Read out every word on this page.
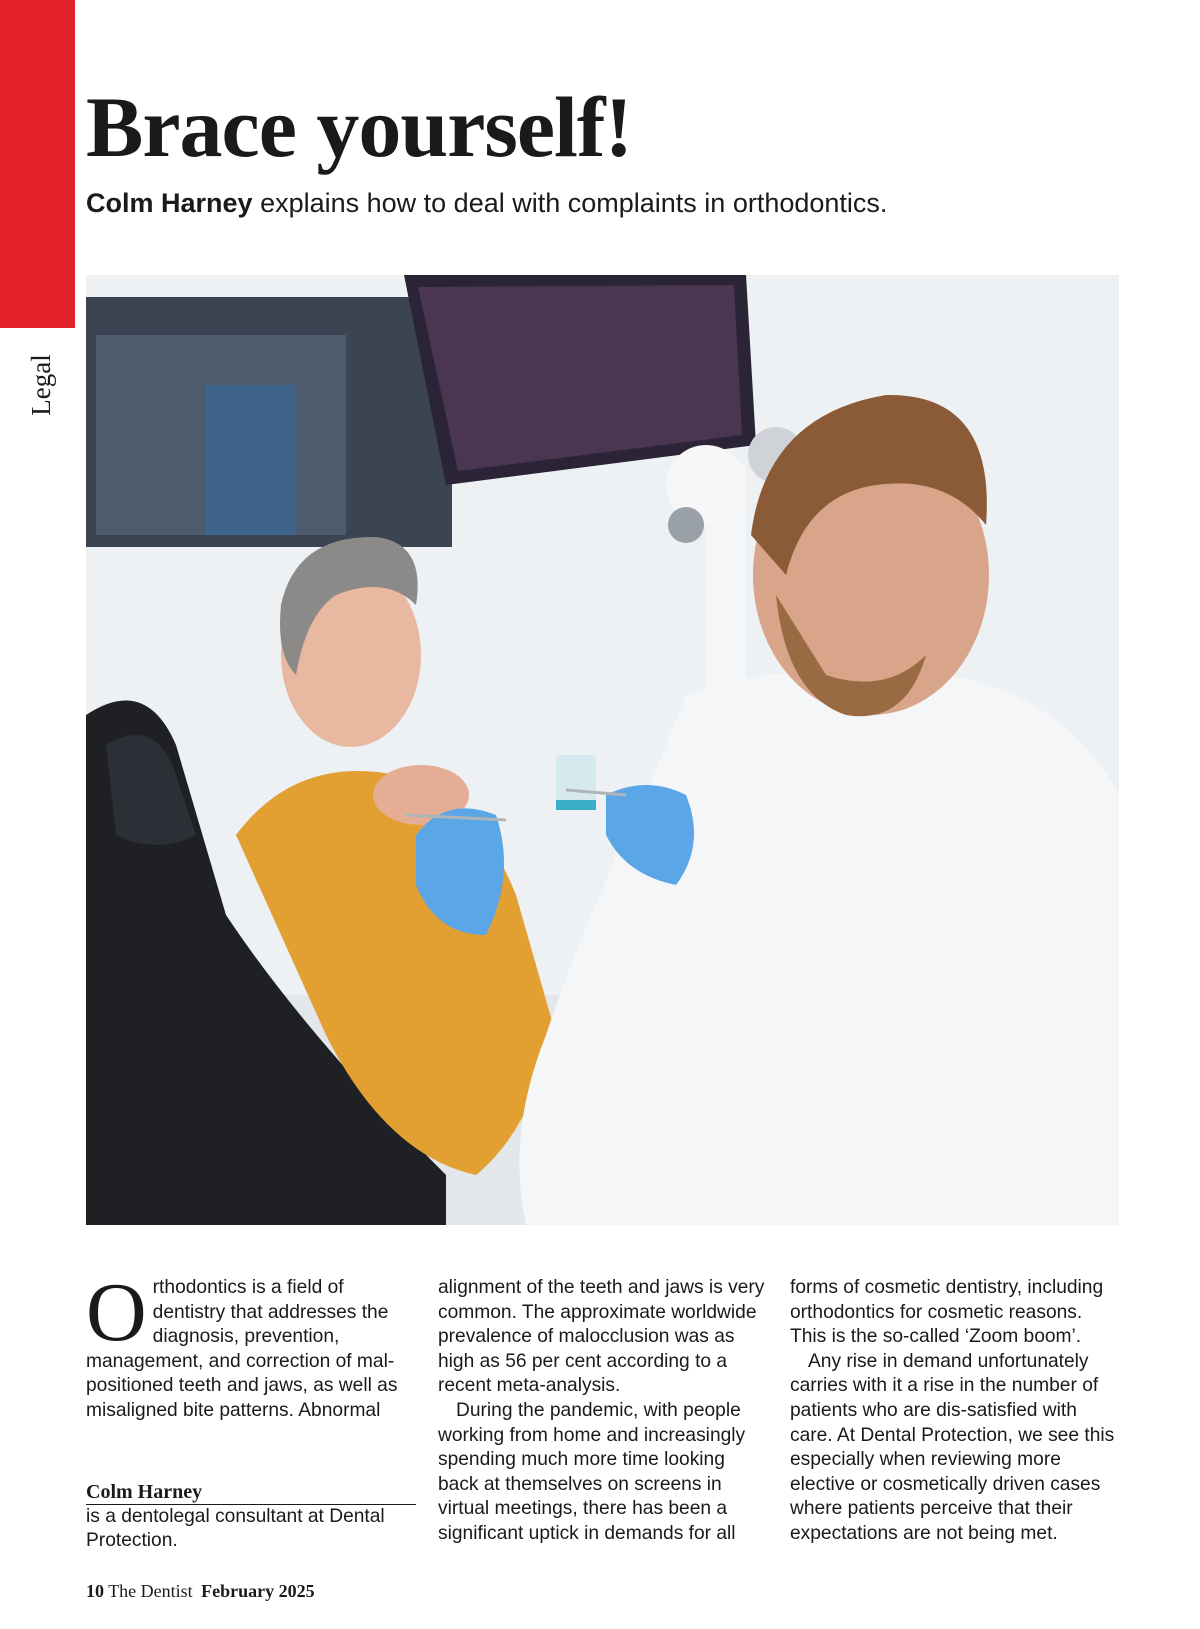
Legal
Brace yourself!

Colm Harney explains how to deal with complaints in orthodontics.

O rthodontics is a field of dentistry that addresses the diagnosis, prevention, management, and correction of mal-positioned teeth and jaws, as well as misaligned bite patterns. Abnormal

Colm Harney
is a dentolegal consultant at Dental Protection.

alignment of the teeth and jaws is very common. The approximate worldwide prevalence of malocclusion was as high as 56 per cent according to a recent meta-analysis.

During the pandemic, with people working from home and increasingly spending much more time looking back at themselves on screens in virtual meetings, there has been a significant uptick in demands for all

forms of cosmetic dentistry, including orthodontics for cosmetic reasons. This is the so-called ‘Zoom boom’.

Any rise in demand unfortunately carries with it a rise in the number of patients who are dis-satisfied with care. At Dental Protection, we see this especially when reviewing more elective or cosmetically driven cases where patients perceive that their expectations are not being met.

10 The Dentist February 2025
